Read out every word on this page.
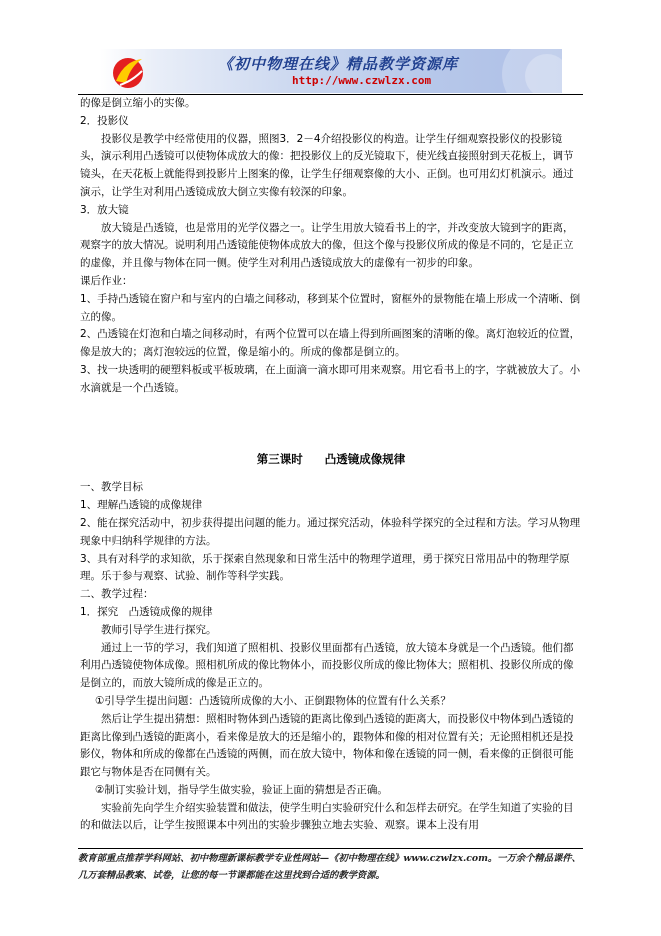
《初中物理在线》精品教学资源库
http://www.czwlzx.com

的像是倒立缩小的实像。

2．投影仪

投影仪是教学中经常使用的仪器，照图3．2－4介绍投影仪的构造。让学生仔细观察投影仪的投影镜头，演示利用凸透镜可以使物体成放大的像：把投影仪上的反光镜取下，使光线直接照射到天花板上，调节镜头，在天花板上就能得到投影片上图案的像，让学生仔细观察像的大小、正倒。也可用幻灯机演示。通过演示，让学生对利用凸透镜成放大倒立实像有较深的印象。

3．放大镜

放大镜是凸透镜，也是常用的光学仪器之一。让学生用放大镜看书上的字，并改变放大镜到字的距离，观察字的放大情况。说明利用凸透镜能使物体成放大的像，但这个像与投影仪所成的像是不同的，它是正立的虚像，并且像与物体在同一侧。使学生对利用凸透镜成放大的虚像有一初步的印象。

课后作业：

1、手持凸透镜在窗户和与室内的白墙之间移动，移到某个位置时，窗框外的景物能在墙上形成一个清晰、倒立的像。

2、凸透镜在灯泡和白墙之间移动时，有两个位置可以在墙上得到所画图案的清晰的像。离灯泡较近的位置，像是放大的；离灯泡较远的位置，像是缩小的。所成的像都是倒立的。

3、找一块透明的硬塑料板或平板玻璃，在上面滴一滴水即可用来观察。用它看书上的字，字就被放大了。小水滴就是一个凸透镜。

第三课时 凸透镜成像规律

一、教学目标

1、理解凸透镜的成像规律

2、能在探究活动中，初步获得提出问题的能力。通过探究活动，体验科学探究的全过程和方法。学习从物理现象中归纳科学规律的方法。

3、具有对科学的求知欲，乐于探索自然现象和日常生活中的物理学道理，勇于探究日常用品中的物理学原理。乐于参与观察、试验、制作等科学实践。

二、教学过程：

1．探究　凸透镜成像的规律

教师引导学生进行探究。

通过上一节的学习，我们知道了照相机、投影仪里面都有凸透镜，放大镜本身就是一个凸透镜。他们都利用凸透镜使物体成像。照相机所成的像比物体小，而投影仪所成的像比物体大；照相机、投影仪所成的像是倒立的，而放大镜所成的像是正立的。

①引导学生提出问题：凸透镜所成像的大小、正倒跟物体的位置有什么关系？

然后让学生提出猜想：照相时物体到凸透镜的距离比像到凸透镜的距离大，而投影仪中物体到凸透镜的距离比像到凸透镜的距离小，看来像是放大的还是缩小的，跟物体和像的相对位置有关；无论照相机还是投影仪，物体和所成的像都在凸透镜的两侧，而在放大镜中，物体和像在透镜的同一侧，看来像的正倒很可能跟它与物体是否在同侧有关。

②制订实验计划，指导学生做实验，验证上面的猜想是否正确。

实验前先向学生介绍实验装置和做法，使学生明白实验研究什么和怎样去研究。在学生知道了实验的目的和做法以后，让学生按照课本中列出的实验步骤独立地去实验、观察。课本上没有用

教育部重点推荐学科网站、初中物理新课标教学专业性网站—《初中物理在线》www.czwlzx.com。一万余个精品课件、几万套精品教案、试卷，让您的每一节课都能在这里找到合适的教学资源。
